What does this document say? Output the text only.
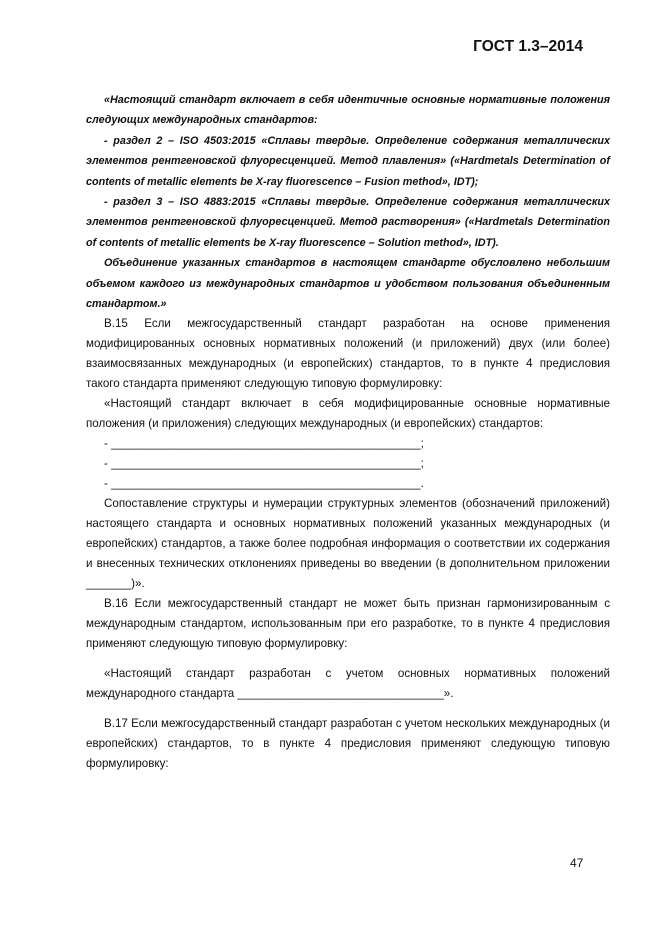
ГОСТ 1.3–2014

«Настоящий стандарт включает в себя идентичные основные нормативные положения следующих международных стандартов:

- раздел 2 – ISO 4503:2015 «Сплавы твердые. Определение содержания металлических элементов рентгеновской флуоресценцией. Метод плавления» («Hardmetals Determination of contents of metallic elements be X-ray fluorescence – Fusion method», IDT);

- раздел 3 – ISO 4883:2015 «Сплавы твердые. Определение содержания металлических элементов рентгеновской флуоресценцией. Метод растворения» («Hardmetals Determination of contents of metallic elements be X-ray fluorescence – Solution method», IDT).

Объединение указанных стандартов в настоящем стандарте обусловлено небольшим объемом каждого из международных стандартов и удобством пользования объединенным стандартом.»

В.15 Если межгосударственный стандарт разработан на основе применения модифицированных основных нормативных положений (и приложений) двух (или более) взаимосвязанных международных (и европейских) стандартов, то в пункте 4 предисловия такого стандарта применяют следующую типовую формулировку:

«Настоящий стандарт включает в себя модифицированные основные нормативные положения (и приложения) следующих международных (и европейских) стандартов:

- ________________________________________________;
- ________________________________________________;
- ________________________________________________.

Сопоставление структуры и нумерации структурных элементов (обозначений приложений) настоящего стандарта и основных нормативных положений указанных международных (и европейских) стандартов, а также более подробная информация о соответствии их содержания и внесенных технических отклонениях приведены во введении (в дополнительном приложении _______)».

В.16 Если межгосударственный стандарт не может быть признан гармонизированным с международным стандартом, использованным при его разработке, то в пункте 4 предисловия применяют следующую типовую формулировку:

«Настоящий стандарт разработан с учетом основных нормативных положений международного стандарта ________________________________».

В.17 Если межгосударственный стандарт разработан с учетом нескольких международных (и европейских) стандартов, то в пункте 4 предисловия применяют следующую типовую формулировку:

47
